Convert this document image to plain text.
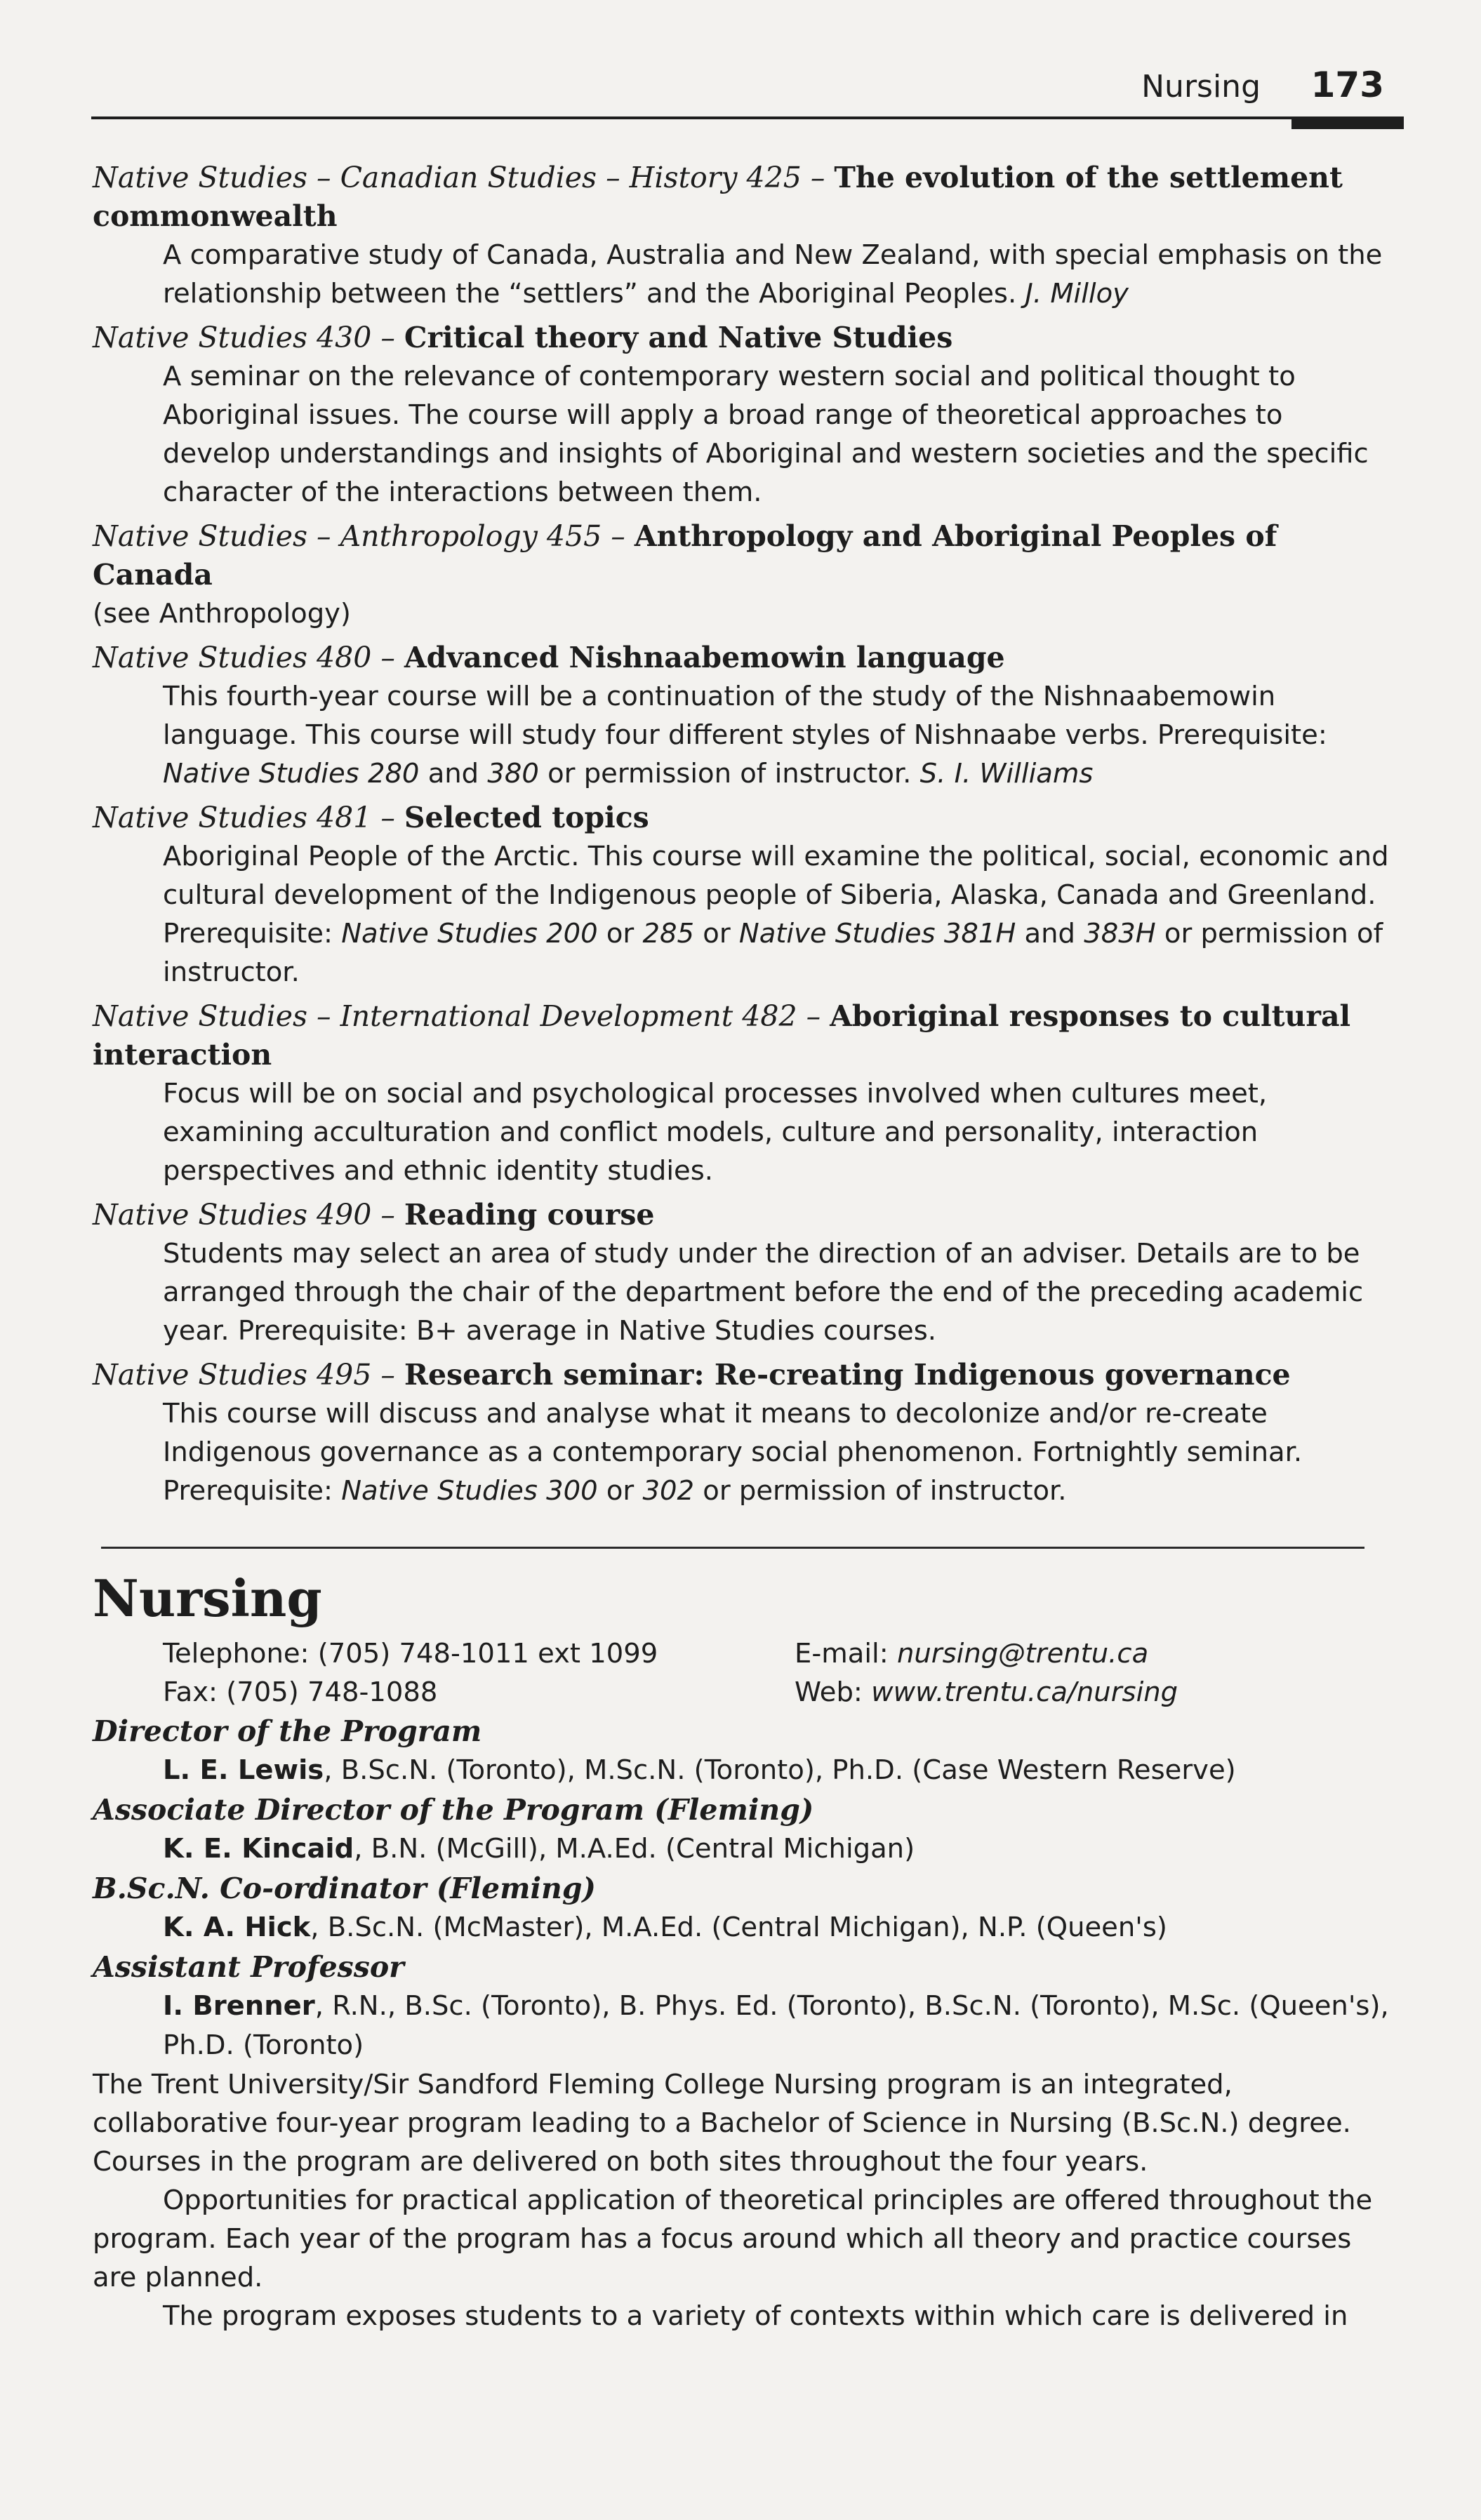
Nursing 173
Native Studies – Canadian Studies – History 425 – The evolution of the settlement commonwealth
A comparative study of Canada, Australia and New Zealand, with special emphasis on the relationship between the “settlers” and the Aboriginal Peoples. J. Milloy
Native Studies 430 – Critical theory and Native Studies
A seminar on the relevance of contemporary western social and political thought to Aboriginal issues. The course will apply a broad range of theoretical approaches to develop understandings and insights of Aboriginal and western societies and the specific character of the interactions between them.
Native Studies – Anthropology 455 – Anthropology and Aboriginal Peoples of Canada
(see Anthropology)
Native Studies 480 – Advanced Nishnaabemowin language
This fourth-year course will be a continuation of the study of the Nishnaabemowin language. This course will study four different styles of Nishnaabe verbs. Prerequisite: Native Studies 280 and 380 or permission of instructor. S. I. Williams
Native Studies 481 – Selected topics
Aboriginal People of the Arctic. This course will examine the political, social, economic and cultural development of the Indigenous people of Siberia, Alaska, Canada and Greenland. Prerequisite: Native Studies 200 or 285 or Native Studies 381H and 383H or permission of instructor.
Native Studies – International Development 482 – Aboriginal responses to cultural interaction
Focus will be on social and psychological processes involved when cultures meet, examining acculturation and conflict models, culture and personality, interaction perspectives and ethnic identity studies.
Native Studies 490 – Reading course
Students may select an area of study under the direction of an adviser. Details are to be arranged through the chair of the department before the end of the preceding academic year. Prerequisite: B+ average in Native Studies courses.
Native Studies 495 – Research seminar: Re-creating Indigenous governance
This course will discuss and analyse what it means to decolonize and/or re-create Indigenous governance as a contemporary social phenomenon. Fortnightly seminar. Prerequisite: Native Studies 300 or 302 or permission of instructor.
Nursing
Telephone: (705) 748-1011 ext 1099
Fax: (705) 748-1088
E-mail: nursing@trentu.ca
Web: www.trentu.ca/nursing
Director of the Program
L. E. Lewis, B.Sc.N. (Toronto), M.Sc.N. (Toronto), Ph.D. (Case Western Reserve)
Associate Director of the Program (Fleming)
K. E. Kincaid, B.N. (McGill), M.A.Ed. (Central Michigan)
B.Sc.N. Co-ordinator (Fleming)
K. A. Hick, B.Sc.N. (McMaster), M.A.Ed. (Central Michigan), N.P. (Queen's)
Assistant Professor
I. Brenner, R.N., B.Sc. (Toronto), B. Phys. Ed. (Toronto), B.Sc.N. (Toronto), M.Sc. (Queen's), Ph.D. (Toronto)
The Trent University/Sir Sandford Fleming College Nursing program is an integrated, collaborative four-year program leading to a Bachelor of Science in Nursing (B.Sc.N.) degree. Courses in the program are delivered on both sites throughout the four years.
Opportunities for practical application of theoretical principles are offered throughout the program. Each year of the program has a focus around which all theory and practice courses are planned.
The program exposes students to a variety of contexts within which care is delivered in
